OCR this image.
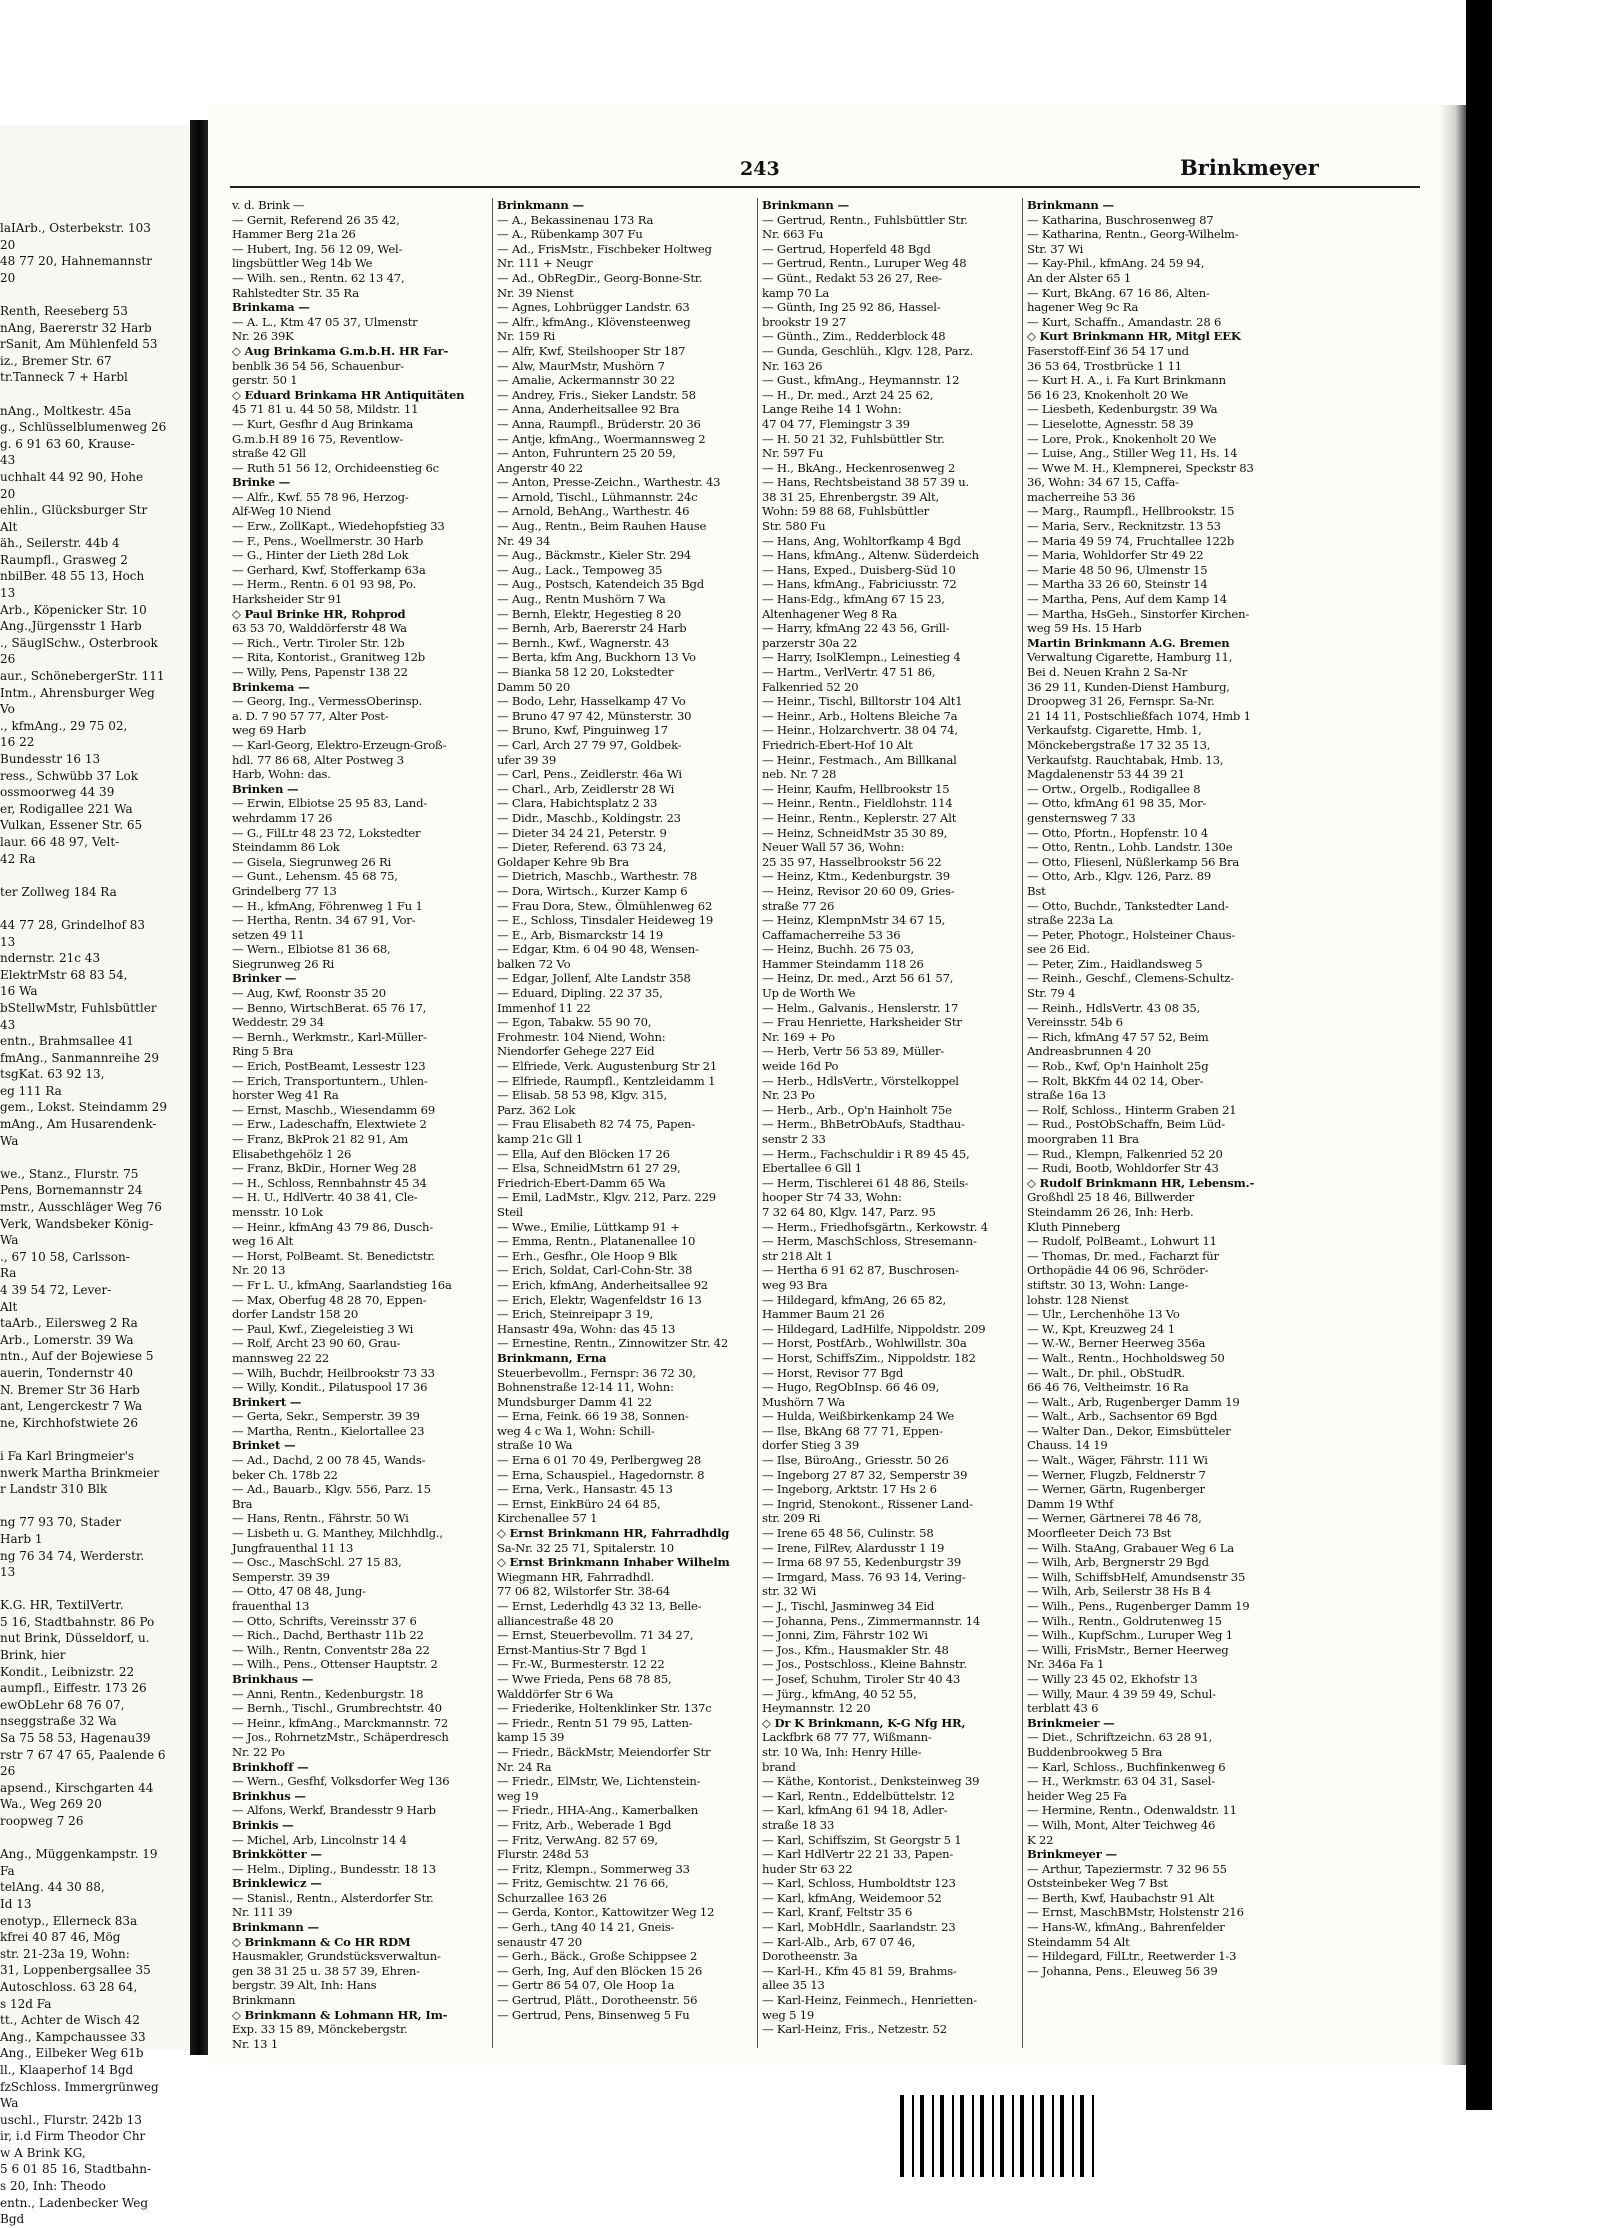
laIArb., Osterbekstr. 103
20
48 77 20, Hahnemannstr
20
Renth, Reeseberg 53
nAng, Baererstr 32 Harb
rSanit, Am Mühlenfeld 53
iz., Bremer Str. 67
tr.Tanneck 7 + Harbl
nAng., Moltkestr. 45a
g., Schlüsselblumenweg 26
g. 6 91 63 60, Krause-
43
uchhalt 44 92 90, Hohe
20
ehlin., Glücksburger Str
Alt
äh., Seilerstr. 44b 4
Raumpfl., Grasweg 2
nbilBer. 48 55 13, Hoch
13
Arb., Köpenicker Str. 10
Ang.,Jürgensstr 1 Harb
., SäuglSchw., Osterbrook
26
aur., SchönebergerStr. 111
Intm., Ahrensburger Weg
Vo
., kfmAng., 29 75 02,
16 22
Bundesstr 16 13
ress., Schwübb 37 Lok
ossmoorweg 44 39
er, Rodigallee 221 Wa
Vulkan, Essener Str. 65
laur. 66 48 97, Velt-
42 Ra
ter Zollweg 184 Ra
44 77 28, Grindelhof 83
13
ndernstr. 21c 43
ElektrMstr 68 83 54,
16 Wa
bStellwMstr, Fuhlsbüttler
43
entn., Brahmsallee 41
fmAng., Sanmannreihe 29
tsgKat. 63 92 13,
eg 111 Ra
gem., Lokst. Steindamm 29
mAng., Am Husarendenk-
Wa
we., Stanz., Flurstr. 75
Pens, Bornemannstr 24
mstr., Ausschläger Weg 76
Verk, Wandsbeker König-
Wa
., 67 10 58, Carlsson-
Ra
4 39 54 72, Lever-
Alt
taArb., Eilersweg 2 Ra
Arb., Lomerstr. 39 Wa
ntn., Auf der Bojewiese 5
auerin, Tondernstr 40
N. Bremer Str 36 Harb
ant, Lengerckestr 7 Wa
ne, Kirchhofstwiete 26
i Fa Karl Bringmeier's
nwerk Martha Brinkmeier
r Landstr 310 Blk
ng 77 93 70, Stader
Harb 1
ng 76 34 74, Werderstr.
13
K.G. HR, TextilVertr.
5 16, Stadtbahnstr. 86 Po
nut Brink, Düsseldorf, u.
Brink, hier
Kondit., Leibnizstr. 22
aumpfl., Eiffestr. 173 26
ewObLehr 68 76 07,
nseggstraße 32 Wa
Sa 75 58 53, Hagenau39
rstr 7 67 47 65, Paalende 6
26
apsend., Kirschgarten 44
Wa., Weg 269 20
roopweg 7 26
Ang., Müggenkampstr. 19
Fa
telAng. 44 30 88,
Id 13
enotyp., Ellerneck 83a
kfrei 40 87 46, Mög
str. 21-23a 19, Wohn:
31, Loppenbergsallee 35
Autoschloss. 63 28 64,
s 12d Fa
tt., Achter de Wisch 42
Ang., Kampchaussee 33
Ang., Eilbeker Weg 61b
ll., Klaaperhof 14 Bgd
fzSchloss. Immergrünweg
Wa
uschl., Flurstr. 242b 13
ir, i.d Firm Theodor Chr
w A Brink KG,
5 6 01 85 16, Stadtbahn-
s 20, Inh: Theodo
entn., Ladenbecker Weg
Bgd
243	Brinkmeyer
v. d. Brink —
— Gernit, Referend 26 35 42,
Hammer Berg 21a 26
— Hubert, Ing. 56 12 09, Wel-
lingsbüttler Weg 14b We
— Wilh. sen., Rentn. 62 13 47,
Rahlstedter Str. 35 Ra
Brinkama —
— A. L., Ktm 47 05 37, Ulmenstr
Nr. 26 39K
◇ Aug Brinkama G.m.b.H. HR Far-
benblk 36 54 56, Schauenbur-
gerstr. 50 1
◇ Eduard Brinkama HR Antiquitäten
45 71 81 u. 44 50 58, Mildstr. 11
— Kurt, Gesfhr d Aug Brinkama
G.m.b.H 89 16 75, Reventlow-
straße 42 Gll
— Ruth 51 56 12, Orchideenstieg 6c
Brinke —
— Alfr., Kwf. 55 78 96, Herzog-
Alf-Weg 10 Niend
— Erw., ZollKapt., Wiedehopfstieg 33
— F., Pens., Woellmerstr. 30 Harb
— G., Hinter der Lieth 28d Lok
— Gerhard, Kwf, Stofferkamp 63a
— Herm., Rentn. 6 01 93 98, Po.
Harksheider Str 91
◇ Paul Brinke HR, Rohprod
63 53 70, Walddörferstr 48 Wa
— Rich., Vertr. Tiroler Str. 12b
— Rita, Kontorist., Granitweg 12b
— Willy, Pens, Papenstr 138 22
Brinkema —
— Georg, Ing., VermessOberinsp.
a. D. 7 90 57 77, Alter Post-
weg 69 Harb
— Karl-Georg, Elektro-Erzeugn-Groß-
hdl. 77 86 68, Alter Postweg 3
Harb, Wohn: das.
Brinken —
— Erwin, Elbiotse 25 95 83, Land-
wehrdamm 17 26
— G., FilLtr 48 23 72, Lokstedter
Steindamm 86 Lok
— Gisela, Siegrunweg 26 Ri
— Gunt., Lehensm. 45 68 75,
Grindelberg 77 13
— H., kfmAng, Föhrenweg 1 Fu 1
— Hertha, Rentn. 34 67 91, Vor-
setzen 49 11
— Wern., Elbiotse 81 36 68,
Siegrunweg 26 Ri
Brinker —
— Aug, Kwf, Roonstr 35 20
— Benno, WirtschBerat. 65 76 17,
Weddestr. 29 34
— Bernh., Werkmstr., Karl-Müller-
Ring 5 Bra
— Erich, PostBeamt, Lessestr 123
— Erich, Transportuntern., Uhlen-
horster Weg 41 Ra
— Ernst, Maschb., Wiesendamm 69
— Erw., Ladeschaffn, Elextwiete 2
— Franz, BkProk 21 82 91, Am
Elisabethgehölz 1 26
— Franz, BkDir., Horner Weg 28
— H., Schloss, Rennbahnstr 45 34
— H. U., HdlVertr. 40 38 41, Cle-
mensstr. 10 Lok
— Heinr., kfmAng 43 79 86, Dusch-
weg 16 Alt
— Horst, PolBeamt. St. Benedictstr.
Nr. 20 13
— Fr L. U., kfmAng, Saarlandstieg 16a
— Max, Oberfug 48 28 70, Eppen-
dorfer Landstr 158 20
— Paul, Kwf., Ziegeleistieg 3 Wi
— Rolf, Archt 23 90 60, Grau-
mannsweg 22 22
— Wilh, Buchdr, Heilbrookstr 73 33
— Willy, Kondit., Pilatuspool 17 36
Brinkert —
— Gerta, Sekr., Semperstr. 39 39
— Martha, Rentn., Kielortallee 23
Brinket —
— Ad., Dachd, 2 00 78 45, Wands-
beker Ch. 178b 22
— Ad., Bauarb., Klgv. 556, Parz. 15
Bra
— Hans, Rentn., Fährstr. 50 Wi
— Lisbeth u. G. Manthey, Milchhdlg.,
Jungfrauenthal 11 13
— Osc., MaschSchl. 27 15 83,
Semperstr. 39 39
— Otto, 47 08 48, Jung-
frauenthal 13
— Otto, Schrifts, Vereinsstr 37 6
— Rich., Dachd, Berthastr 11b 22
— Wilh., Rentn, Conventstr 28a 22
— Wilh., Pens., Ottenser Hauptstr. 2
Brinkhaus —
— Anni, Rentn., Kedenburgstr. 18
— Bernh., Tischl., Grumbrechtstr. 40
— Heinr., kfmAng., Marckmannstr. 72
— Jos., RohrnetzMstr., Schäperdresch
Nr. 22 Po
Brinkhoff —
— Wern., Gesfhf, Volksdorfer Weg 136
Brinkhus —
— Alfons, Werkf, Brandesstr 9 Harb
Brinkis —
— Michel, Arb, Lincolnstr 14 4
Brinkkötter —
— Helm., Dipling., Bundesstr. 18 13
Brinklewicz —
— Stanisl., Rentn., Alsterdorfer Str.
Nr. 111 39
Brinkmann —
◇ Brinkmann & Co HR RDM
Hausmakler, Grundstücksverwaltun-
gen 38 31 25 u. 38 57 39, Ehren-
bergstr. 39 Alt, Inh: Hans
Brinkmann
◇ Brinkmann & Lohmann HR, Im-
Exp. 33 15 89, Mönckebergstr.
Nr. 13 1
Brinkmann —
— A., Bekassinenau 173 Ra
— A., Rübenkamp 307 Fu
— Ad., FrisMstr., Fischbeker Holtweg
Nr. 111 + Neugr
— Ad., ObRegDir., Georg-Bonne-Str.
Nr. 39 Nienst
— Agnes, Lohbrügger Landstr. 63
— Alfr., kfmAng., Klövensteenweg
Nr. 159 Ri
— Alfr, Kwf, Steilshooper Str 187
— Alw, MaurMstr, Mushörn 7
— Amalie, Ackermannstr 30 22
— Andrey, Fris., Sieker Landstr. 58
— Anna, Anderheitsallee 92 Bra
— Anna, Raumpfl., Brüderstr. 20 36
— Antje, kfmAng., Woermannsweg 2
— Anton, Fuhruntern 25 20 59,
Angerstr 40 22
— Anton, Presse-Zeichn., Warthestr. 43
— Arnold, Tischl., Lühmannstr. 24c
— Arnold, BehAng., Warthestr. 46
— Aug., Rentn., Beim Rauhen Hause
Nr. 49 34
— Aug., Bäckmstr., Kieler Str. 294
— Aug., Lack., Tempoweg 35
— Aug., Postsch, Katendeich 35 Bgd
— Aug., Rentn Mushörn 7 Wa
— Bernh, Elektr, Hegestieg 8 20
— Bernh, Arb, Baererstr 24 Harb
— Bernh., Kwf., Wagnerstr. 43
— Berta, kfm Ang, Buckhorn 13 Vo
— Bianka 58 12 20, Lokstedter
Damm 50 20
— Bodo, Lehr, Hasselkamp 47 Vo
— Bruno 47 97 42, Münsterstr. 30
— Bruno, Kwf, Pinguinweg 17
— Carl, Arch 27 79 97, Goldbek-
ufer 39 39
— Carl, Pens., Zeidlerstr. 46a Wi
— Charl., Arb, Zeidlerstr 28 Wi
— Clara, Habichtsplatz 2 33
— Didr., Maschb., Koldingstr. 23
— Dieter 34 24 21, Peterstr. 9
— Dieter, Referend. 63 73 24,
Goldaper Kehre 9b Bra
— Dietrich, Maschb., Warthestr. 78
— Dora, Wirtsch., Kurzer Kamp 6
— Frau Dora, Stew., Ölmühlenweg 62
— E., Schloss, Tinsdaler Heideweg 19
— E., Arb, Bismarckstr 14 19
— Edgar, Ktm. 6 04 90 48, Wensen-
balken 72 Vo
— Edgar, Jollenf, Alte Landstr 358
— Eduard, Dipling. 22 37 35,
Immenhof 11 22
— Egon, Tabakw. 55 90 70,
Frohmestr. 104 Niend, Wohn:
Niendorfer Gehege 227 Eid
— Elfriede, Verk. Augustenburg Str 21
— Elfriede, Raumpfl., Kentzleidamm 1
— Elisab. 58 53 98, Klgv. 315,
Parz. 362 Lok
— Frau Elisabeth 82 74 75, Papen-
kamp 21c Gll 1
— Ella, Auf den Blöcken 17 26
— Elsa, SchneidMstrn 61 27 29,
Friedrich-Ebert-Damm 65 Wa
— Emil, LadMstr., Klgv. 212, Parz. 229
Steil
— Wwe., Emilie, Lüttkamp 91 +
— Emma, Rentn., Platanenallee 10
— Erh., Gesfhr., Ole Hoop 9 Blk
— Erich, Soldat, Carl-Cohn-Str. 38
— Erich, kfmAng, Anderheitsallee 92
— Erich, Elektr, Wagenfeldstr 16 13
— Erich, Steinreipapr 3 19,
Hansastr 49a, Wohn: das 45 13
— Ernestine, Rentn., Zinnowitzer Str. 42
Brinkmann, Erna
Steuerbevollm., Fernspr: 36 72 30,
Bohnenstraße 12-14 11, Wohn:
Mundsburger Damm 41 22
— Erna, Feink. 66 19 38, Sonnen-
weg 4 c Wa 1, Wohn: Schill-
straße 10 Wa
— Erna 6 01 70 49, Perlbergweg 28
— Erna, Schauspiel., Hagedornstr. 8
— Erna, Verk., Hansastr. 45 13
— Ernst, EinkBüro 24 64 85,
Kirchenallee 57 1
◇ Ernst Brinkmann HR, Fahrradhdlg
Sa-Nr. 32 25 71, Spitalerstr. 10
◇ Ernst Brinkmann Inhaber Wilhelm
Wiegmann HR, Fahrradhdl.
77 06 82, Wilstorfer Str. 38-64
— Ernst, Lederhdlg 43 32 13, Belle-
alliancestraße 48 20
— Ernst, Steuerbevollm. 71 34 27,
Ernst-Mantius-Str 7 Bgd 1
— Fr.-W., Burmesterstr. 12 22
— Wwe Frieda, Pens 68 78 85,
Walddörfer Str 6 Wa
— Friederike, Holtenklinker Str. 137c
— Friedr., Rentn 51 79 95, Latten-
kamp 15 39
— Friedr., BäckMstr, Meiendorfer Str
Nr. 24 Ra
— Friedr., ElMstr, We, Lichtenstein-
weg 19
— Friedr., HHA-Ang., Kamerbalken
— Fritz, Arb., Weberade 1 Bgd
— Fritz, VerwAng. 82 57 69,
Flurstr. 248d 53
— Fritz, Klempn., Sommerweg 33
— Fritz, Gemischtw. 21 76 66,
Schurzallee 163 26
— Gerda, Kontor., Kattowitzer Weg 12
— Gerh., tAng 40 14 21, Gneis-
senaustr 47 20
— Gerh., Bäck., Große Schippsee 2
— Gerh, Ing, Auf den Blöcken 15 26
— Gertr 86 54 07, Ole Hoop 1a
— Gertrud, Plätt., Dorotheenstr. 56
— Gertrud, Pens, Binsenweg 5 Fu
Brinkmann —
— Gertrud, Rentn., Fuhlsbüttler Str.
Nr. 663 Fu
— Gertrud, Hoperfeld 48 Bgd
— Gertrud, Rentn., Luruper Weg 48
— Günt., Redakt 53 26 27, Ree-
kamp 70 La
— Günth, Ing 25 92 86, Hassel-
brookstr 19 27
— Günth., Zim., Redderblock 48
— Gunda, Geschlüh., Klgv. 128, Parz.
Nr. 163 26
— Gust., kfmAng., Heymannstr. 12
— H., Dr. med., Arzt 24 25 62,
Lange Reihe 14 1 Wohn:
47 04 77, Flemingstr 3 39
— H. 50 21 32, Fuhlsbüttler Str.
Nr. 597 Fu
— H., BkAng., Heckenrosenweg 2
— Hans, Rechtsbeistand 38 57 39 u.
38 31 25, Ehrenbergstr. 39 Alt,
Wohn: 59 88 68, Fuhlsbüttler
Str. 580 Fu
— Hans, Ang, Wohltorfkamp 4 Bgd
— Hans, kfmAng., Altenw. Süderdeich
— Hans, Exped., Duisberg-Süd 10
— Hans, kfmAng., Fabriciusstr. 72
— Hans-Edg., kfmAng 67 15 23,
Altenhagener Weg 8 Ra
— Harry, kfmAng 22 43 56, Grill-
parzerstr 30a 22
— Harry, IsolKlempn., Leinestieg 4
— Hartm., VerlVertr. 47 51 86,
Falkenried 52 20
— Heinr., Tischl, Billtorstr 104 Alt1
— Heinr., Arb., Holtens Bleiche 7a
— Heinr., Holzarchvertr. 38 04 74,
Friedrich-Ebert-Hof 10 Alt
— Heinr., Festmach., Am Billkanal
neb. Nr. 7 28
— Heinr, Kaufm, Hellbrookstr 15
— Heinr., Rentn., Fieldlohstr. 114
— Heinr., Rentn., Keplerstr. 27 Alt
— Heinz, SchneidMstr 35 30 89,
Neuer Wall 57 36, Wohn:
25 35 97, Hasselbrookstr 56 22
— Heinz, Ktm., Kedenburgstr. 39
— Heinz, Revisor 20 60 09, Gries-
straße 77 26
— Heinz, KlempnMstr 34 67 15,
Caffamacherreihe 53 36
— Heinz, Buchh. 26 75 03,
Hammer Steindamm 118 26
— Heinz, Dr. med., Arzt 56 61 57,
Up de Worth We
— Helm., Galvanis., Henslerstr. 17
— Frau Henriette, Harksheider Str
Nr. 169 + Po
— Herb, Vertr 56 53 89, Müller-
weide 16d Po
— Herb., HdlsVertr., Vörstelkoppel
Nr. 23 Po
— Herb., Arb., Op'n Hainholt 75e
— Herm., BhBetrObAufs, Stadthau-
senstr 2 33
— Herm., Fachschuldir i R 89 45 45,
Ebertallee 6 Gll 1
— Herm, Tischlerei 61 48 86, Steils-
hooper Str 74 33, Wohn:
7 32 64 80, Klgv. 147, Parz. 95
— Herm., Friedhofsgärtn., Kerkowstr. 4
— Herm, MaschSchloss, Stresemann-
str 218 Alt 1
— Hertha 6 91 62 87, Buschrosen-
weg 93 Bra
— Hildegard, kfmAng, 26 65 82,
Hammer Baum 21 26
— Hildegard, LadHilfe, Nippoldstr. 209
— Horst, PostfArb., Wohlwillstr. 30a
— Horst, SchiffsZim., Nippoldstr. 182
— Horst, Revisor 77 Bgd
— Hugo, RegObInsp. 66 46 09,
Mushörn 7 Wa
— Hulda, Weißbirkenkamp 24 We
— Ilse, BkAng 68 77 71, Eppen-
dorfer Stieg 3 39
— Ilse, BüroAng., Griesstr. 50 26
— Ingeborg 27 87 32, Semperstr 39
— Ingeborg, Arktstr. 17 Hs 2 6
— Ingrid, Stenokont., Rissener Land-
str. 209 Ri
— Irene 65 48 56, Culinstr. 58
— Irene, FilRev, Alardusstr 1 19
— Irma 68 97 55, Kedenburgstr 39
— Irmgard, Mass. 76 93 14, Vering-
str. 32 Wi
— J., Tischl, Jasminweg 34 Eid
— Johanna, Pens., Zimmermannstr. 14
— Jonni, Zim, Fährstr 102 Wi
— Jos., Kfm., Hausmakler Str. 48
— Jos., Postschloss., Kleine Bahnstr.
— Josef, Schuhm, Tiroler Str 40 43
— Jürg., kfmAng, 40 52 55,
Heymannstr. 12 20
◇ Dr K Brinkmann, K-G Nfg HR,
Lackfbrk 68 77 77, Wißmann-
str. 10 Wa, Inh: Henry Hille-
brand
— Käthe, Kontorist., Denksteinweg 39
— Karl, Rentn., Eddelbüttelstr. 12
— Karl, kfmAng 61 94 18, Adler-
straße 18 33
— Karl, Schiffszim, St Georgstr 5 1
— Karl HdlVertr 22 21 33, Papen-
huder Str 63 22
— Karl, Schloss, Humboldtstr 123
— Karl, kfmAng, Weidemoor 52
— Karl, Kranf, Feltstr 35 6
— Karl, MobHdlr., Saarlandstr. 23
— Karl-Alb., Arb, 67 07 46,
Dorotheenstr. 3a
— Karl-H., Kfm 45 81 59, Brahms-
allee 35 13
— Karl-Heinz, Feinmech., Henrietten-
weg 5 19
— Karl-Heinz, Fris., Netzestr. 52
Brinkmann —
— Katharina, Buschrosenweg 87
— Katharina, Rentn., Georg-Wilhelm-
Str. 37 Wi
— Kay-Phil., kfmAng. 24 59 94,
An der Alster 65 1
— Kurt, BkAng. 67 16 86, Alten-
hagener Weg 9c Ra
— Kurt, Schaffn., Amandastr. 28 6
◇ Kurt Brinkmann HR, Mitgl EEK
Faserstoff-Einf 36 54 17 und
36 53 64, Trostbrücke 1 11
— Kurt H. A., i. Fa Kurt Brinkmann
56 16 23, Knokenholt 20 We
— Liesbeth, Kedenburgstr. 39 Wa
— Lieselotte, Agnesstr. 58 39
— Lore, Prok., Knokenholt 20 We
— Luise, Ang., Stiller Weg 11, Hs. 14
— Wwe M. H., Klempnerei, Speckstr 83
36, Wohn: 34 67 15, Caffa-
macherreihe 53 36
— Marg., Raumpfl., Hellbrookstr. 15
— Maria, Serv., Recknitzstr. 13 53
— Maria 49 59 74, Fruchtallee 122b
— Maria, Wohldorfer Str 49 22
— Marie 48 50 96, Ulmenstr 15
— Martha 33 26 60, Steinstr 14
— Martha, Pens, Auf dem Kamp 14
— Martha, HsGeh., Sinstorfer Kirchen-
weg 59 Hs. 15 Harb
Martin Brinkmann A.G. Bremen
Verwaltung Cigarette, Hamburg 11,
Bei d. Neuen Krahn 2 Sa-Nr
36 29 11, Kunden-Dienst Hamburg,
Droopweg 31 26, Fernspr. Sa-Nr.
21 14 11, Postschließfach 1074, Hmb 1
Verkaufstg. Cigarette, Hmb. 1,
Mönckebergstraße 17 32 35 13,
Verkaufstg. Rauchtabak, Hmb. 13,
Magdalenenstr 53 44 39 21
— Ortw., Orgelb., Rodigallee 8
— Otto, kfmAng 61 98 35, Mor-
gensternsweg 7 33
— Otto, Pfortn., Hopfenstr. 10 4
— Otto, Rentn., Lohb. Landstr. 130e
— Otto, Fliesenl, Nüßlerkamp 56 Bra
— Otto, Arb., Klgv. 126, Parz. 89
Bst
— Otto, Buchdr., Tankstedter Land-
straße 223a La
— Peter, Photogr., Holsteiner Chaus-
see 26 Eid.
— Peter, Zim., Haidlandsweg 5
— Reinh., Geschf., Clemens-Schultz-
Str. 79 4
— Reinh., HdlsVertr. 43 08 35,
Vereinsstr. 54b 6
— Rich, kfmAng 47 57 52, Beim
Andreasbrunnen 4 20
— Rob., Kwf, Op'n Hainholt 25g
— Rolt, BkKfm 44 02 14, Ober-
straße 16a 13
— Rolf, Schloss., Hinterm Graben 21
— Rud., PostObSchaffn, Beim Lüd-
moorgraben 11 Bra
— Rud., Klempn, Falkenried 52 20
— Rudi, Bootb, Wohldorfer Str 43
◇ Rudolf Brinkmann HR, Lebensm.-
Großhdl 25 18 46, Billwerder
Steindamm 26 26, Inh: Herb.
Kluth Pinneberg
— Rudolf, PolBeamt., Lohwurt 11
— Thomas, Dr. med., Facharzt für
Orthopädie 44 06 96, Schröder-
stiftstr. 30 13, Wohn: Lange-
lohstr. 128 Nienst
— Ulr., Lerchenhöhe 13 Vo
— W., Kpt, Kreuzweg 24 1
— W.-W., Berner Heerweg 356a
— Walt., Rentn., Hochholdsweg 50
— Walt., Dr. phil., ObStudR.
66 46 76, Veltheimstr. 16 Ra
— Walt., Arb, Rugenberger Damm 19
— Walt., Arb., Sachsentor 69 Bgd
— Walter Dan., Dekor, Eimsbütteler
Chauss. 14 19
— Walt., Wäger, Fährstr. 111 Wi
— Werner, Flugzb, Feldnerstr 7
— Werner, Gärtn, Rugenberger
Damm 19 Wthf
— Werner, Gärtnerei 78 46 78,
Moorfleeter Deich 73 Bst
— Wilh. StaAng, Grabauer Weg 6 La
— Wilh, Arb, Bergnerstr 29 Bgd
— Wilh, SchiffsbHelf, Amundsenstr 35
— Wilh, Arb, Seilerstr 38 Hs B 4
— Wilh., Pens., Rugenberger Damm 19
— Wilh., Rentn., Goldrutenweg 15
— Wilh., KupfSchm., Luruper Weg 1
— Willi, FrisMstr., Berner Heerweg
Nr. 346a Fa 1
— Willy 23 45 02, Ekhofstr 13
— Willy, Maur. 4 39 59 49, Schul-
terblatt 43 6
Brinkmeier —
— Diet., Schriftzeichn. 63 28 91,
Buddenbrookweg 5 Bra
— Karl, Schloss., Buchfinkenweg 6
— H., Werkmstr. 63 04 31, Sasel-
heider Weg 25 Fa
— Hermine, Rentn., Odenwaldstr. 11
— Wilh, Mont, Alter Teichweg 46
K 22
Brinkmeyer —
— Arthur, Tapeziermstr. 7 32 96 55
Oststeinbeker Weg 7 Bst
— Berth, Kwf, Haubachstr 91 Alt
— Ernst, MaschBMstr, Holstenstr 216
— Hans-W., kfmAng., Bahrenfelder
Steindamm 54 Alt
— Hildegard, FilLtr., Reetwerder 1-3
— Johanna, Pens., Eleuweg 56 39
